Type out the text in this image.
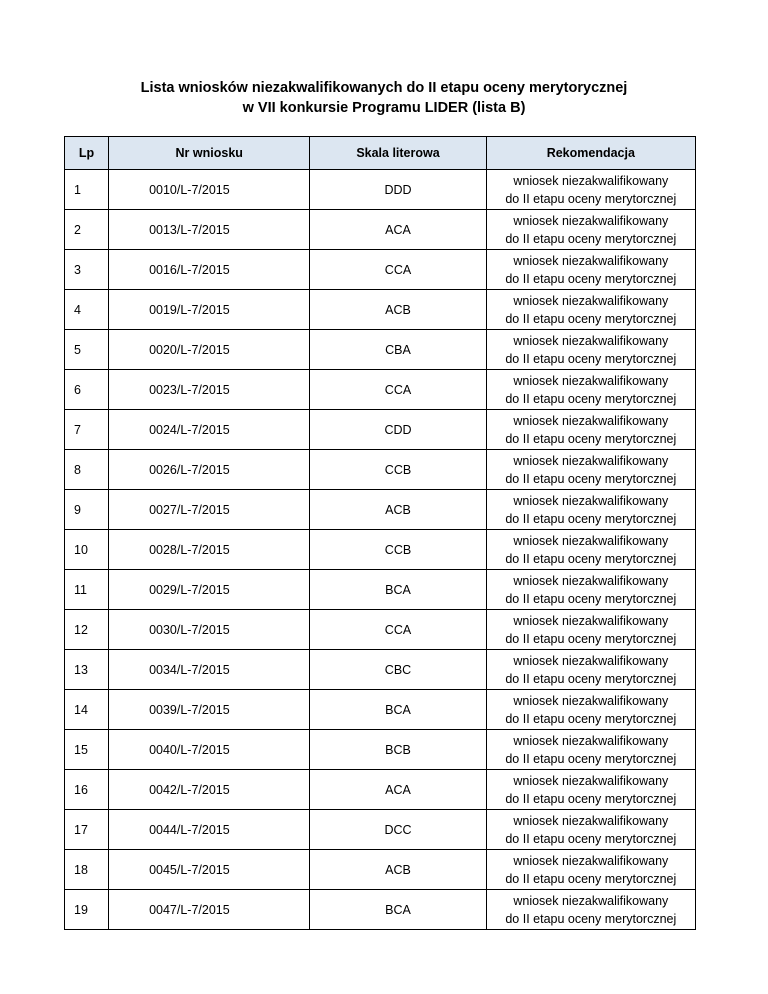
Lista wniosków niezakwalifikowanych do II etapu oceny merytorycznej
w VII konkursie Programu LIDER (lista B)
Lp	Nr wniosku	Skala literowa	Rekomendacja
1	0010/L-7/2015	DDD	wniosek niezakwalifikowany
do II etapu oceny merytorcznej

2	0013/L-7/2015	ACA	wniosek niezakwalifikowany
do II etapu oceny merytorcznej

3	0016/L-7/2015	CCA	wniosek niezakwalifikowany
do II etapu oceny merytorcznej

4	0019/L-7/2015	ACB	wniosek niezakwalifikowany
do II etapu oceny merytorcznej

5	0020/L-7/2015	CBA	wniosek niezakwalifikowany
do II etapu oceny merytorcznej

6	0023/L-7/2015	CCA	wniosek niezakwalifikowany
do II etapu oceny merytorcznej

7	0024/L-7/2015	CDD	wniosek niezakwalifikowany
do II etapu oceny merytorcznej

8	0026/L-7/2015	CCB	wniosek niezakwalifikowany
do II etapu oceny merytorcznej

9	0027/L-7/2015	ACB	wniosek niezakwalifikowany
do II etapu oceny merytorcznej

10	0028/L-7/2015	CCB	wniosek niezakwalifikowany
do II etapu oceny merytorcznej

11	0029/L-7/2015	BCA	wniosek niezakwalifikowany
do II etapu oceny merytorcznej

12	0030/L-7/2015	CCA	wniosek niezakwalifikowany
do II etapu oceny merytorcznej

13	0034/L-7/2015	CBC	wniosek niezakwalifikowany
do II etapu oceny merytorcznej

14	0039/L-7/2015	BCA	wniosek niezakwalifikowany
do II etapu oceny merytorcznej

15	0040/L-7/2015	BCB	wniosek niezakwalifikowany
do II etapu oceny merytorcznej

16	0042/L-7/2015	ACA	wniosek niezakwalifikowany
do II etapu oceny merytorcznej

17	0044/L-7/2015	DCC	wniosek niezakwalifikowany
do II etapu oceny merytorcznej

18	0045/L-7/2015	ACB	wniosek niezakwalifikowany
do II etapu oceny merytorcznej

19	0047/L-7/2015	BCA	wniosek niezakwalifikowany
do II etapu oceny merytorcznej
